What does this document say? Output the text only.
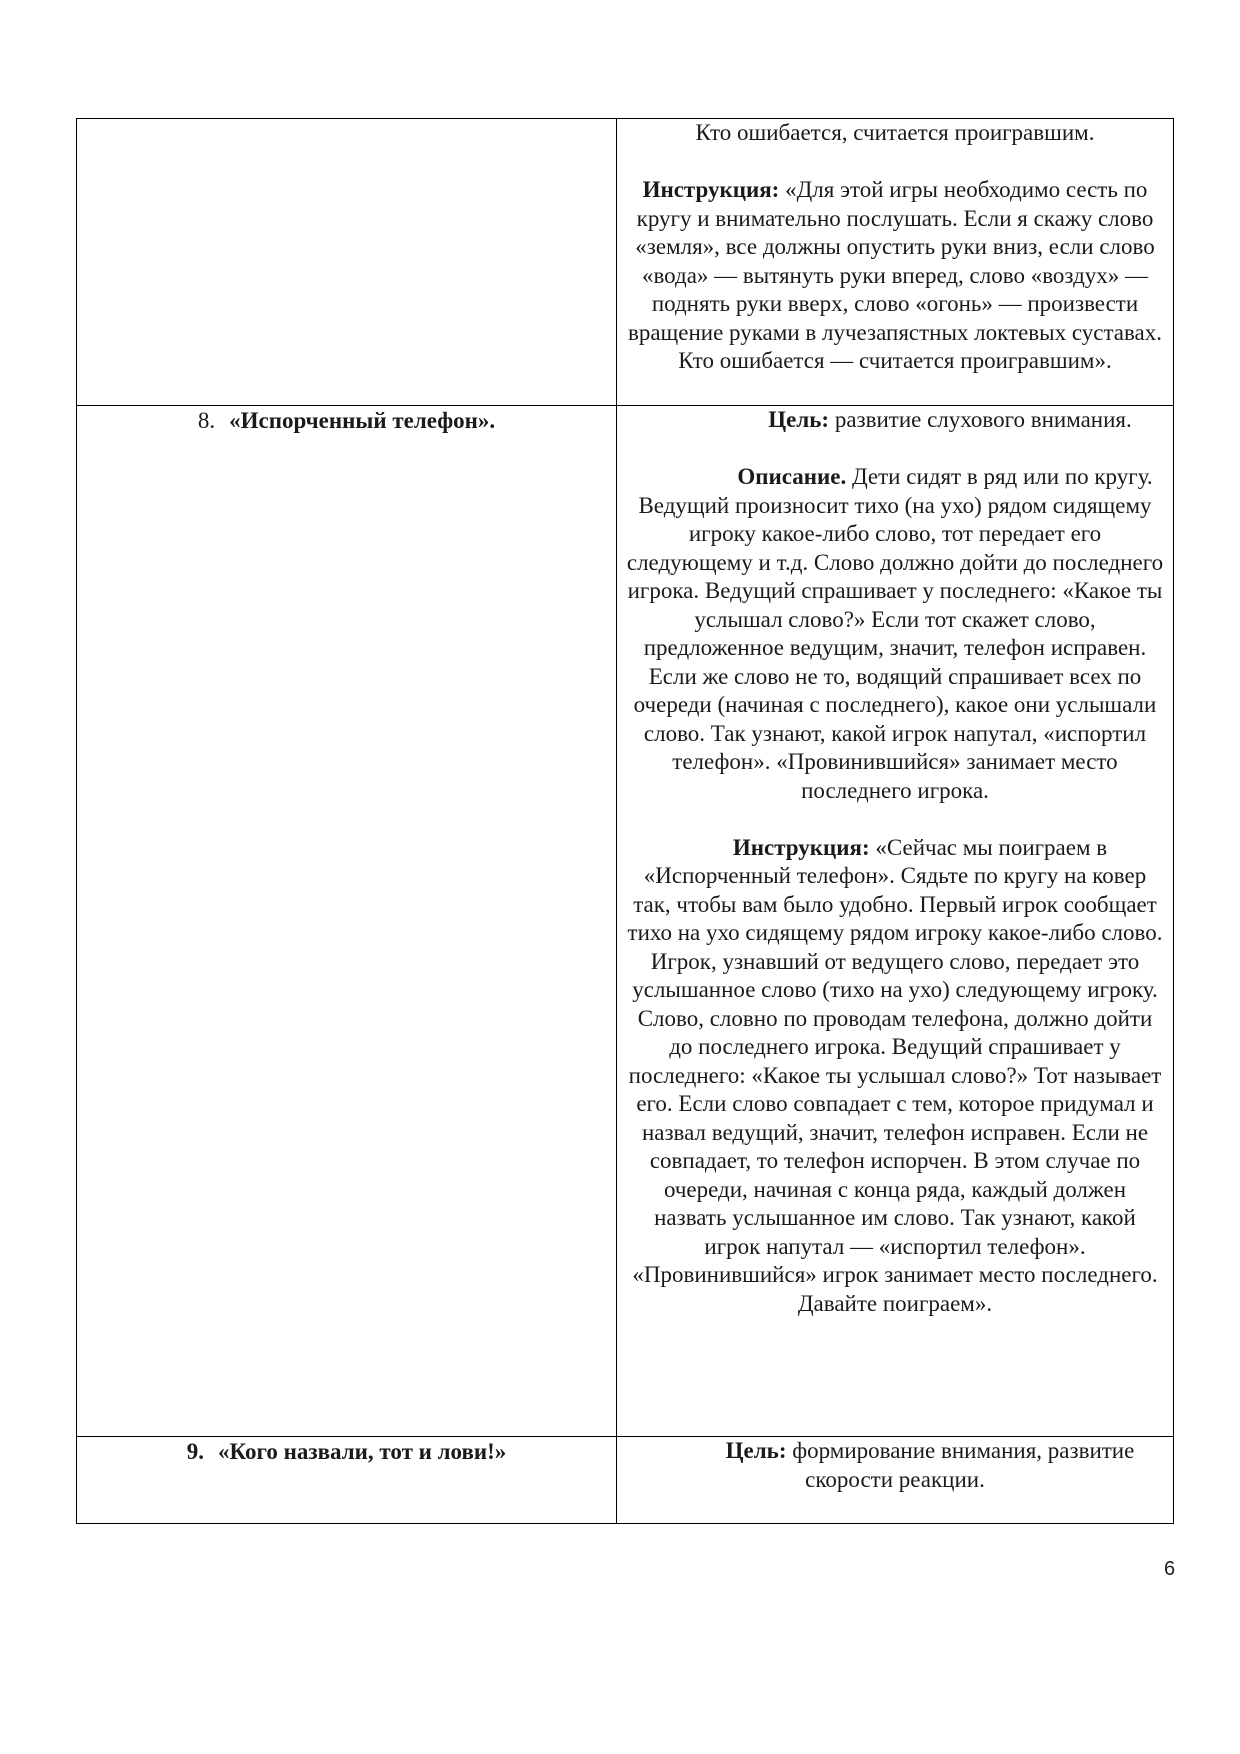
	Кто ошибается, считается проигравшим.

Инструкция: «Для этой игры необходимо сесть по кругу и внимательно послушать. Если я скажу слово «земля», все должны опустить руки вниз, если слово «вода» — вытянуть руки вперед, слово «воздух» — поднять руки вверх, слово «огонь» — произвести вращение руками в лучезапястных локтевых суставах. Кто ошибается — считается проигравшим».

8. «Испорченный телефон».	Цель: развитие слухового внимания.

Описание. Дети сидят в ряд или по кругу. Ведущий произносит тихо (на ухо) рядом сидящему игроку какое-либо слово, тот передает его следующему и т.д. Слово должно дойти до последнего игрока. Ведущий спрашивает у последнего: «Какое ты услышал слово?» Если тот скажет слово, предложенное ведущим, значит, телефон исправен. Если же слово не то, водящий спрашивает всех по очереди (начиная с последнего), какое они услышали слово. Так узнают, какой игрок напутал, «испортил телефон». «Провинившийся» занимает место последнего игрока.

Инструкция: «Сейчас мы поиграем в «Испорченный телефон». Сядьте по кругу на ковер так, чтобы вам было удобно. Первый игрок сообщает тихо на ухо сидящему рядом игроку какое-либо слово. Игрок, узнавший от ведущего слово, передает это услышанное слово (тихо на ухо) следующему игроку. Слово, словно по проводам телефона, должно дойти до последнего игрока. Ведущий спрашивает у последнего: «Какое ты услышал слово?» Тот называет его. Если слово совпадает с тем, которое придумал и назвал ведущий, значит, телефон исправен. Если не совпадает, то телефон испорчен. В этом случае по очереди, начиная с конца ряда, каждый должен назвать услышанное им слово. Так узнают, какой игрок напутал — «испортил телефон». «Провинившийся» игрок занимает место последнего. Давайте поиграем».

9. «Кого назвали, тот и лови!»	Цель: формирование внимания, развитие скорости реакции.

6
